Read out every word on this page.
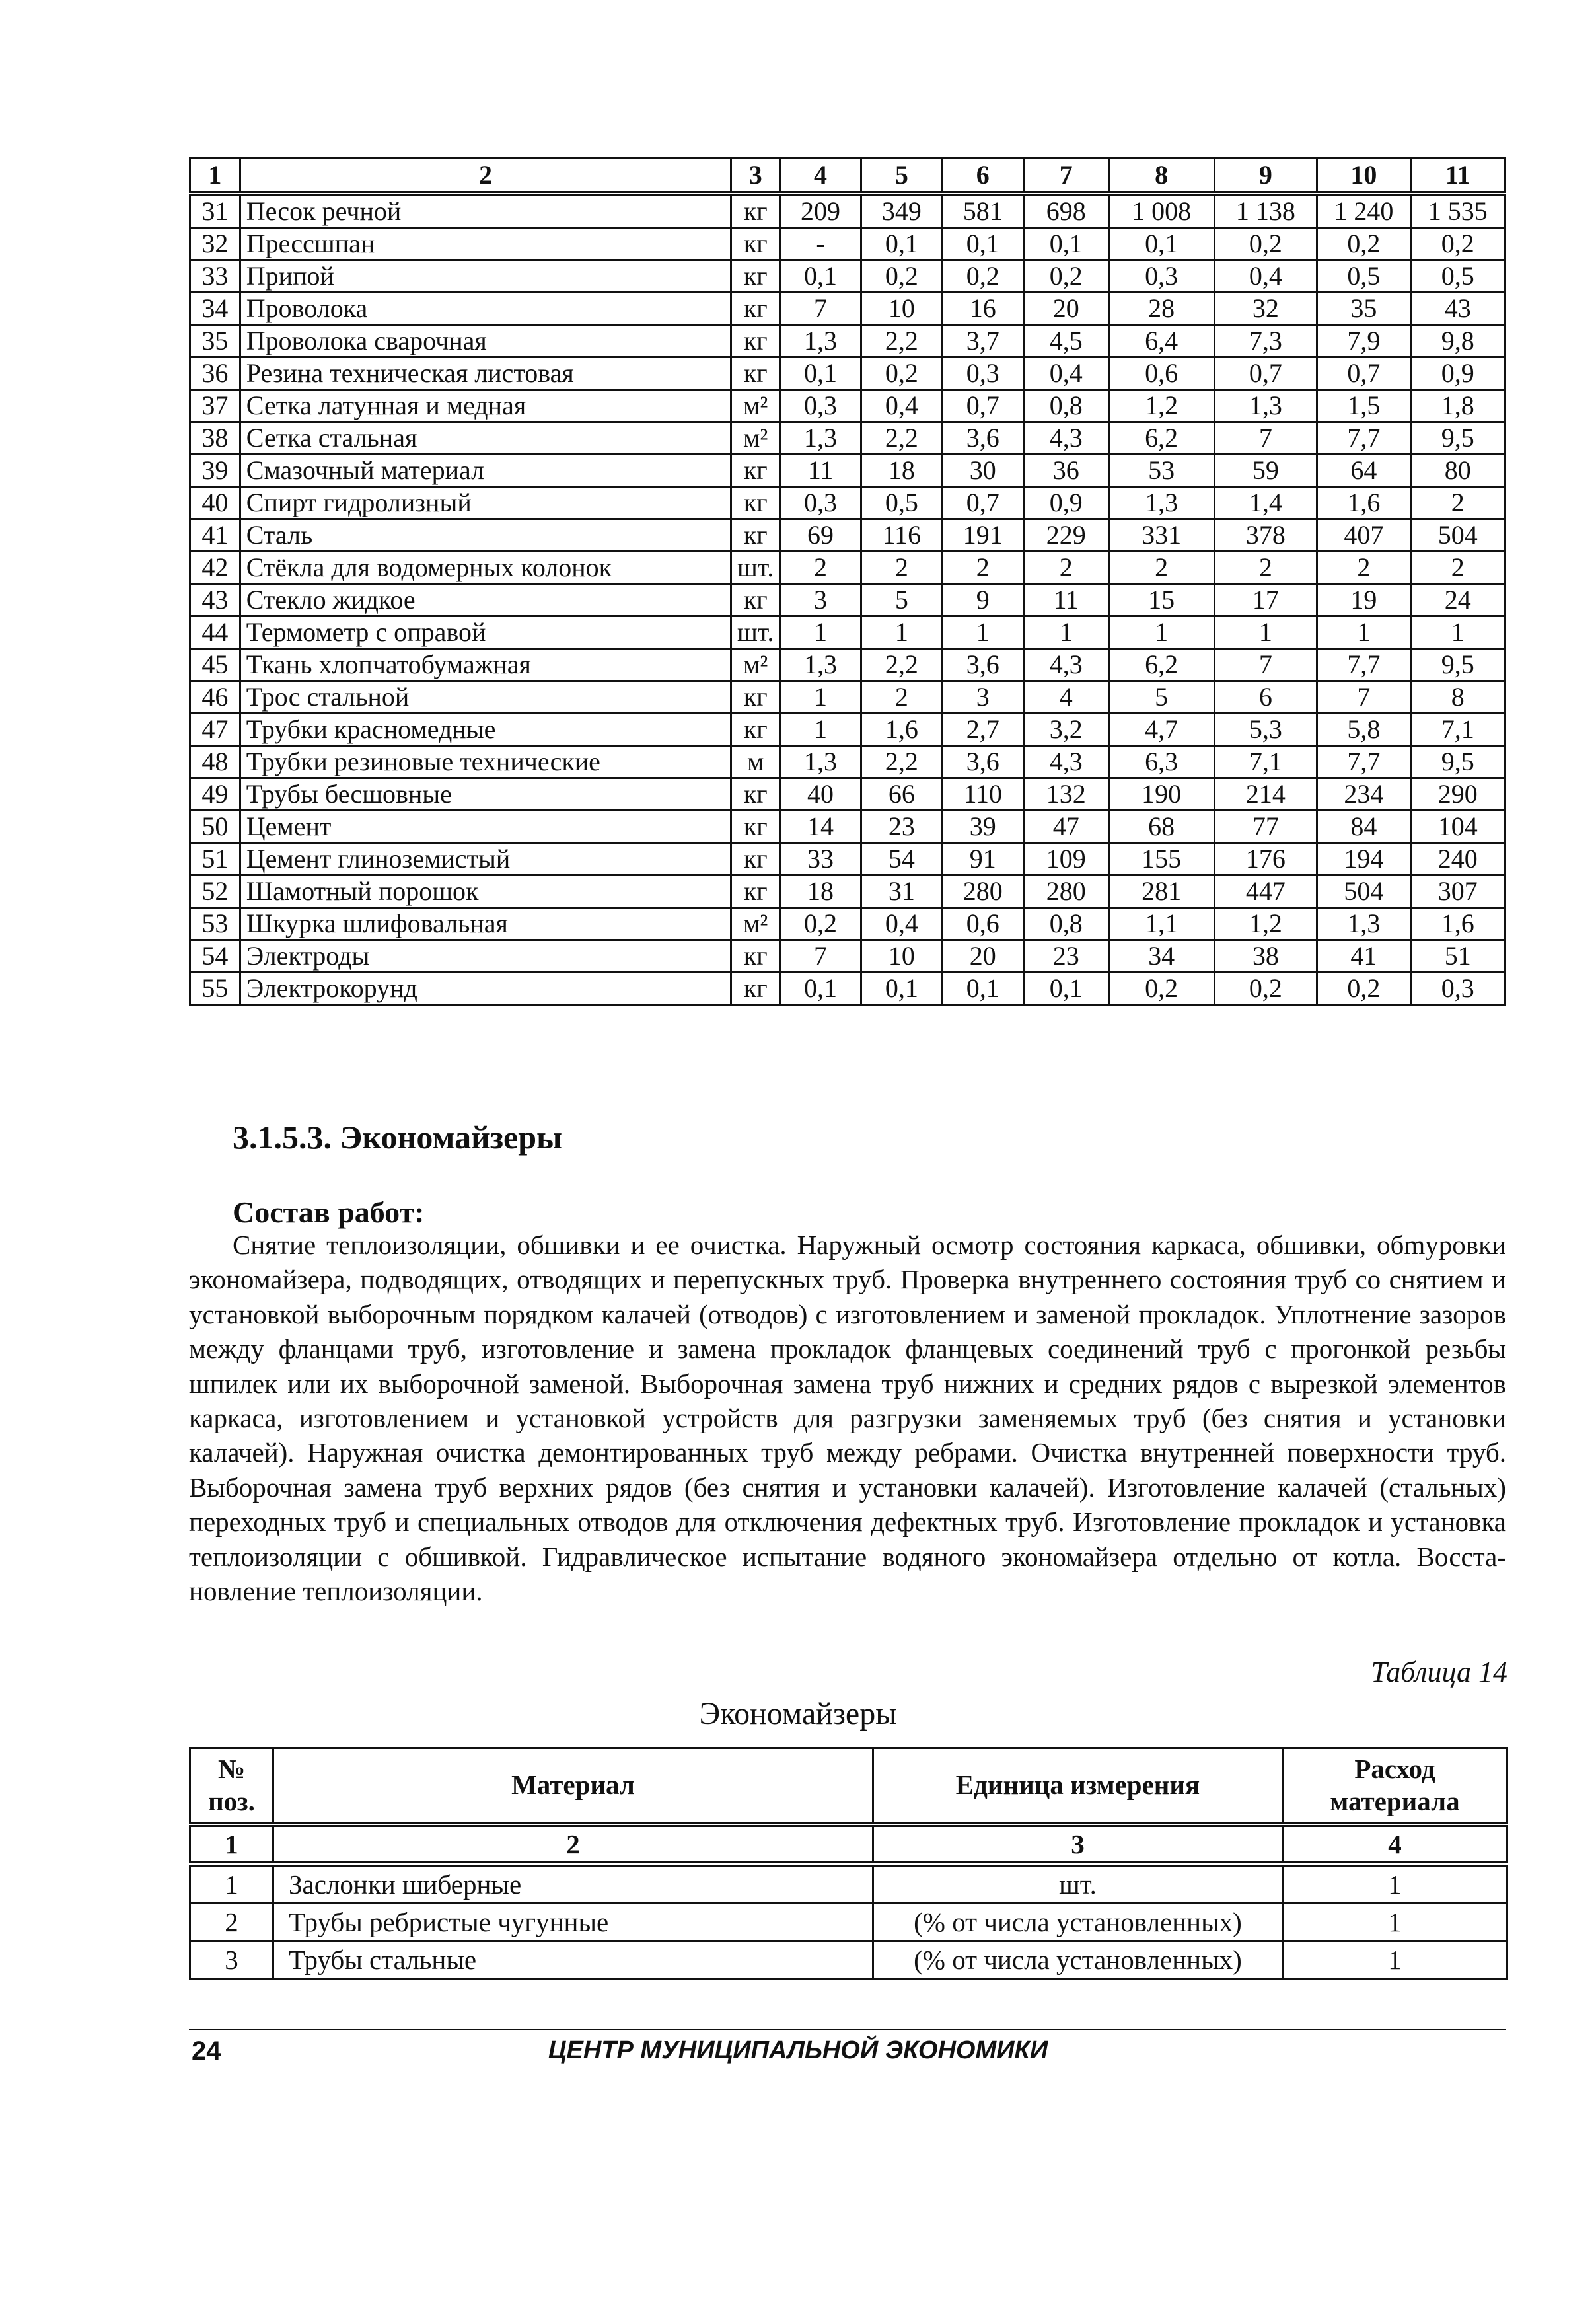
1	2	3	4	5	6	7	8	9	10	11
31	Песок речной	кг	209	349	581	698	1 008	1 138	1 240	1 535
32	Прессшпан	кг	-	0,1	0,1	0,1	0,1	0,2	0,2	0,2
33	Припой	кг	0,1	0,2	0,2	0,2	0,3	0,4	0,5	0,5
34	Проволока	кг	7	10	16	20	28	32	35	43
35	Проволока сварочная	кг	1,3	2,2	3,7	4,5	6,4	7,3	7,9	9,8
36	Резина техническая листовая	кг	0,1	0,2	0,3	0,4	0,6	0,7	0,7	0,9
37	Сетка латунная и медная	м²	0,3	0,4	0,7	0,8	1,2	1,3	1,5	1,8
38	Сетка стальная	м²	1,3	2,2	3,6	4,3	6,2	7	7,7	9,5
39	Смазочный материал	кг	11	18	30	36	53	59	64	80
40	Спирт гидролизный	кг	0,3	0,5	0,7	0,9	1,3	1,4	1,6	2
41	Сталь	кг	69	116	191	229	331	378	407	504
42	Стёкла для водомерных колонок	шт.	2	2	2	2	2	2	2	2
43	Стекло жидкое	кг	3	5	9	11	15	17	19	24
44	Термометр с оправой	шт.	1	1	1	1	1	1	1	1
45	Ткань хлопчатобумажная	м²	1,3	2,2	3,6	4,3	6,2	7	7,7	9,5
46	Трос стальной	кг	1	2	3	4	5	6	7	8
47	Трубки красномедные	кг	1	1,6	2,7	3,2	4,7	5,3	5,8	7,1
48	Трубки резиновые технические	м	1,3	2,2	3,6	4,3	6,3	7,1	7,7	9,5
49	Трубы бесшовные	кг	40	66	110	132	190	214	234	290
50	Цемент	кг	14	23	39	47	68	77	84	104
51	Цемент глиноземистый	кг	33	54	91	109	155	176	194	240
52	Шамотный порошок	кг	18	31	280	280	281	447	504	307
53	Шкурка шлифовальная	м²	0,2	0,4	0,6	0,8	1,1	1,2	1,3	1,6
54	Электроды	кг	7	10	20	23	34	38	41	51
55	Электрокорунд	кг	0,1	0,1	0,1	0,1	0,2	0,2	0,2	0,3
3.1.5.3. Экономайзеры
Состав работ:

Снятие теплоизоляции, обшивки и ее очистка. Наружный осмотр состояния каркаса, обшивки, обmуровки экономайзера, подводящих, отводящих и перепускных труб. Проверка внутреннего состояния труб со снятием и установкой выборочным порядком калачей (отводов) с изготовлением и заменой прокладок. Уплотнение зазоров между фланцами труб, изготовление и замена прокладок фланцевых соединений труб с прогонкой резьбы шпилек или их выборочной заменой. Выборочная замена труб нижних и средних рядов с вырезкой элементов каркаса, изготовлением и установкой устройств для разгрузки заменяемых труб (без снятия и установки калачей). Наружная очистка демонтированных труб между ребрами. Очистка внутренней поверхности труб. Выборочная замена труб верхних рядов (без снятия и установки калачей). Изготовление калачей (стальных) переходных труб и специальных отводов для отключения дефектных труб. Изготовление прокладок и установка теплоизоляции с обшивкой. Гидравлическое испытание водяного экономайзера отдельно от котла. Восстановление теплоизоляции.

Таблица 14
Экономайзеры
№ поз.	Материал	Единица измерения	Расход материала
1	2	3	4
1	Заслонки шиберные	шт.	1
2	Трубы ребристые чугунные	(% от числа установленных)	1
3	Трубы стальные	(% от числа установленных)	1
24	ЦЕНТР МУНИЦИПАЛЬНОЙ ЭКОНОМИКИ
